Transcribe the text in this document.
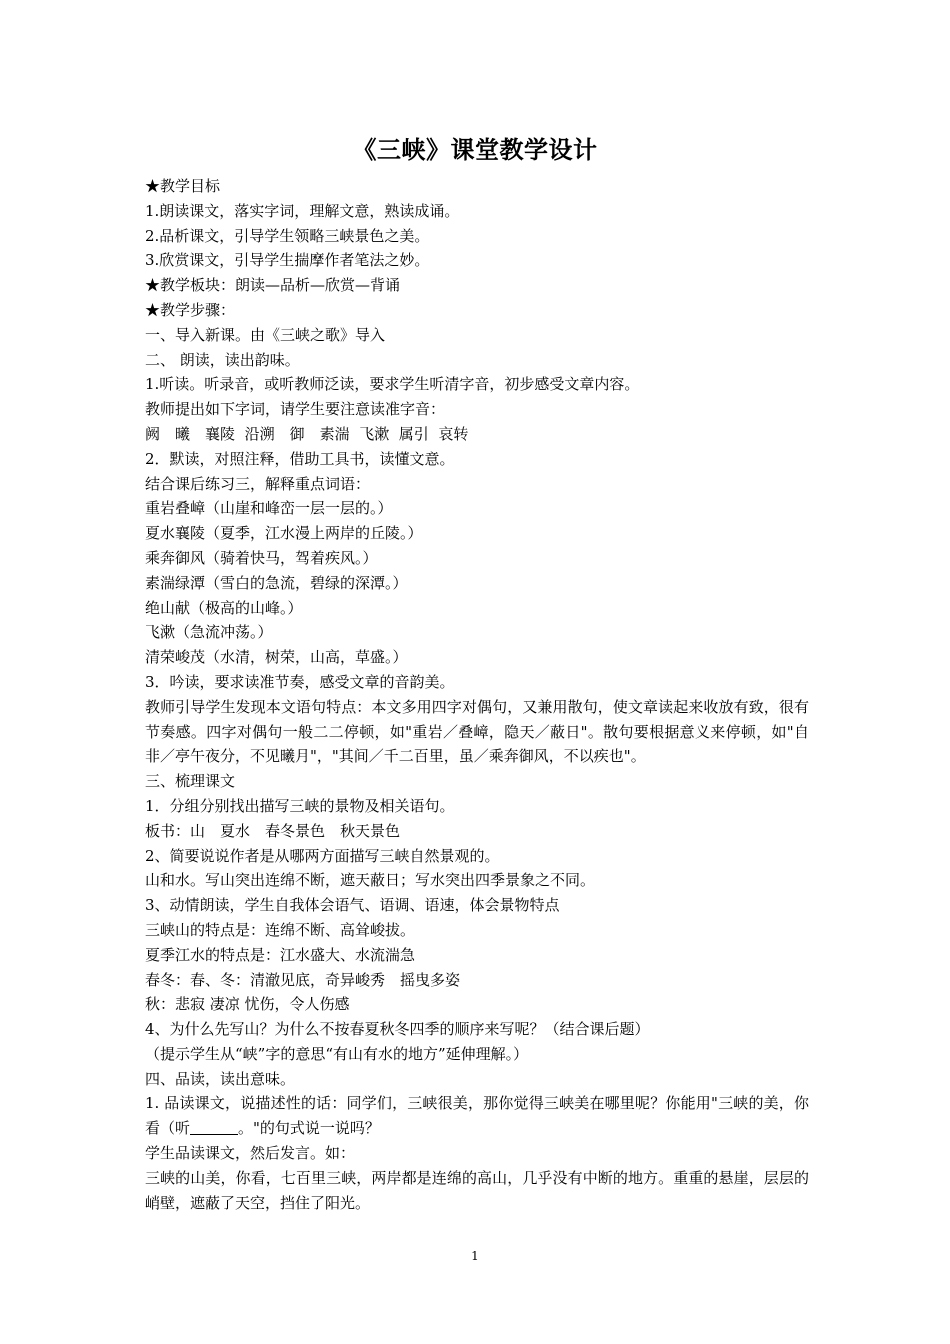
《三峡》课堂教学设计
★教学目标
1.朗读课文，落实字词，理解文意，熟读成诵。
2.品析课文，引导学生领略三峡景色之美。
3.欣赏课文，引导学生揣摩作者笔法之妙。
★教学板块：朗读—品析—欣赏—背诵
★教学步骤：
一、导入新课。由《三峡之歌》导入
二、 朗读，读出韵味。
1.听读。听录音，或听教师泛读，要求学生听清字音，初步感受文章内容。
教师提出如下字词，请学生要注意读准字音：
阙 曦 襄陵 沿溯 御 素湍 飞漱 属引 哀转
2．默读，对照注释，借助工具书，读懂文意。
结合课后练习三，解释重点词语：
重岩叠嶂（山崖和峰峦一层一层的。）
夏水襄陵（夏季，江水漫上两岸的丘陵。）
乘奔御风（骑着快马，驾着疾风。）
素湍绿潭（雪白的急流，碧绿的深潭。）
绝山献（极高的山峰。）
飞漱（急流冲荡。）
清荣峻茂（水清，树荣，山高，草盛。）
3．吟读，要求读准节奏，感受文章的音韵美。
教师引导学生发现本文语句特点：本文多用四字对偶句，又兼用散句，使文章读起来收放有致，很有节奏感。四字对偶句一般二二停顿，如"重岩／叠嶂，隐天／蔽日"。散句要根据意义来停顿，如"自非／亭午夜分，不见曦月"，"其间／千二百里，虽／乘奔御风，不以疾也"。
三、梳理课文
1．分组分别找出描写三峡的景物及相关语句。
板书：山　夏水　春冬景色　秋天景色
2、简要说说作者是从哪两方面描写三峡自然景观的。
山和水。写山突出连绵不断，遮天蔽日；写水突出四季景象之不同。
3、动情朗读，学生自我体会语气、语调、语速，体会景物特点
三峡山的特点是：连绵不断、高耸峻拔。
夏季江水的特点是：江水盛大、水流湍急
春冬：春、冬：清澈见底，奇异峻秀　摇曳多姿
秋：悲寂 凄凉 忧伤，令人伤感
4、为什么先写山？为什么不按春夏秋冬四季的顺序来写呢？（结合课后题）
（提示学生从“峡”字的意思“有山有水的地方”延伸理解。）
四、品读，读出意味。
1. 品读课文，说描述性的话：同学们，三峡很美，那你觉得三峡美在哪里呢？你能用"三峡的美，你看（听	。"的句式说一说吗？
学生品读课文，然后发言。如：
三峡的山美，你看，七百里三峡，两岸都是连绵的高山，几乎没有中断的地方。重重的悬崖，层层的峭壁，遮蔽了天空，挡住了阳光。
1
